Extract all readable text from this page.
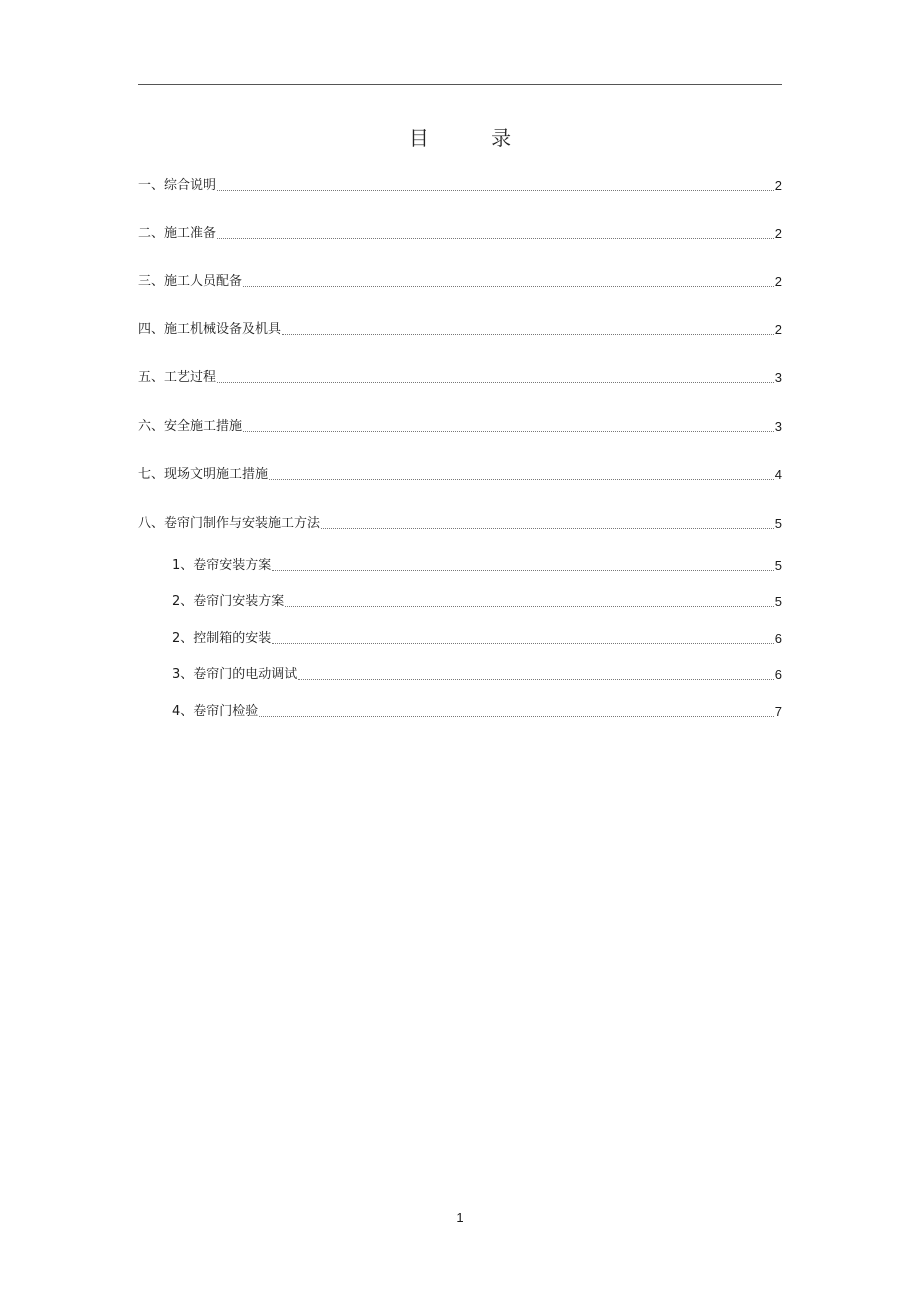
目 录
一、综合说明	2
二、施工准备	2
三、施工人员配备	2
四、施工机械设备及机具	2
五、工艺过程	3
六、安全施工措施	3
七、现场文明施工措施	4
八、卷帘门制作与安装施工方法	5
1、卷帘安装方案	5
2、卷帘门安装方案	5
2、控制箱的安装	6
3、卷帘门的电动调试	6
4、卷帘门检验	7
1
